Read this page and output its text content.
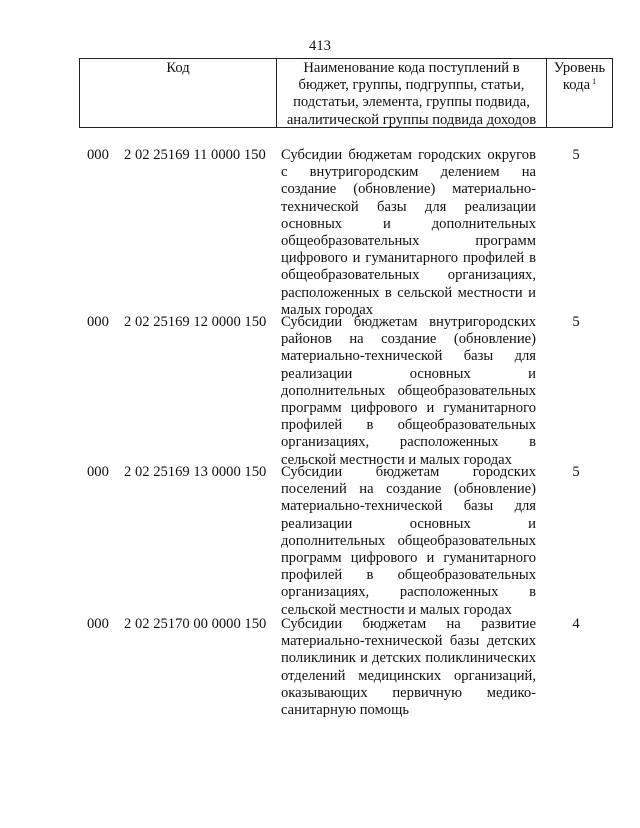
413
Код	Наименование кода поступлений в бюджет, группы, подгруппы, статьи, подстатьи, элемента, группы подвида, аналитической группы подвида доходов
Уровень кода $^1$
000 2 02 25169 11 0000 150 Субсидии бюджетам городских округов с внутригородским делением на создание (обновление) материально-технической базы для реализации основных и дополнительных общеобразовательных программ цифрового и гуманитарного профилей в общеобразовательных организациях, расположенных в сельской местности и малых городах
5
000 2 02 25169 12 0000 150 Субсидии бюджетам внутригородских районов на создание (обновление) материально-технической базы для реализации основных и дополнительных общеобразовательных программ цифрового и гуманитарного профилей в общеобразовательных организациях, расположенных в сельской местности и малых городах
5
000 2 02 25169 13 0000 150 Субсидии бюджетам городских поселений на создание (обновление) материально-технической базы для реализации основных и дополнительных общеобразовательных программ цифрового и гуманитарного профилей в общеобразовательных организациях, расположенных в сельской местности и малых городах
5
000 2 02 25170 00 0000 150 Субсидии бюджетам на развитие материально-технической базы детских поликлиник и детских поликлинических отделений медицинских организаций, оказывающих первичную медико-санитарную помощь
4
